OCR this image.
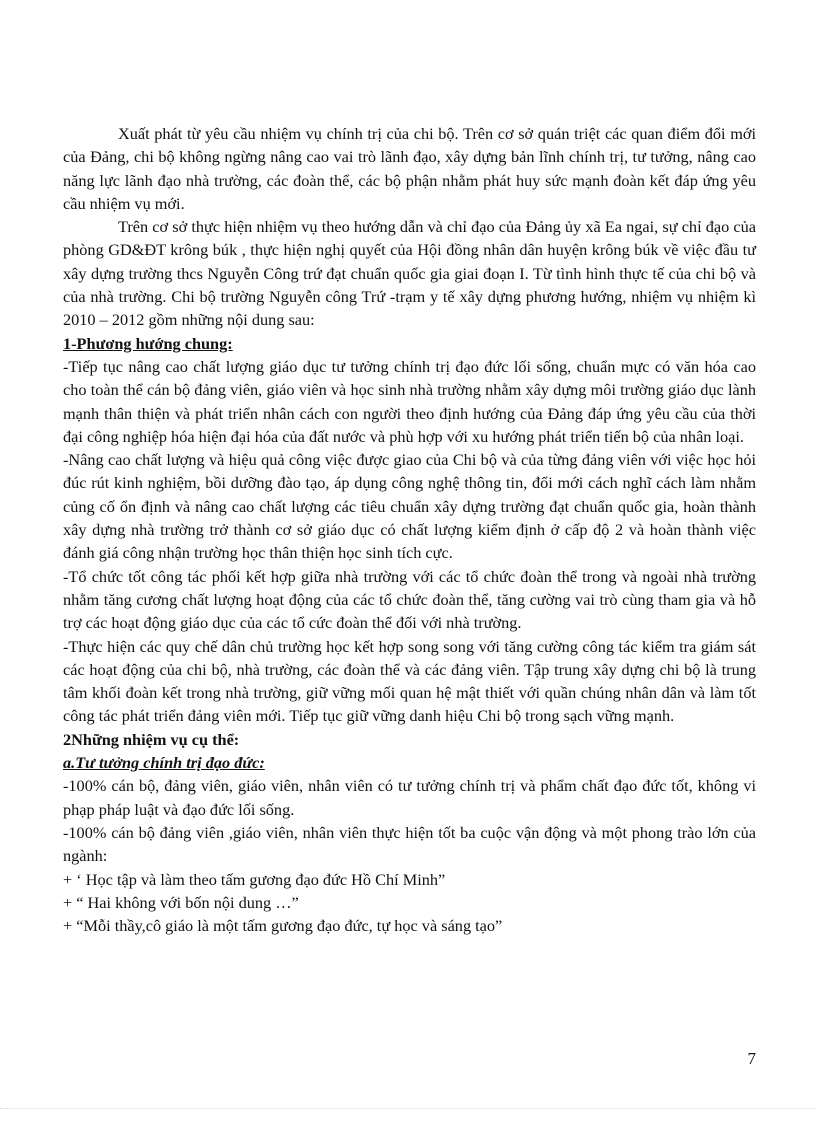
Xuất phát từ yêu cầu nhiệm vụ chính trị của chi bộ. Trên cơ sở quán triệt các quan điểm đổi mới của Đảng, chi bộ không ngừng nâng cao vai trò lãnh đạo, xây dựng bản lĩnh chính trị, tư tưởng, nâng cao năng lực lãnh đạo nhà trường, các đoàn thể, các bộ phận nhằm phát huy sức mạnh đoàn kết đáp ứng yêu cầu nhiệm vụ mới.

Trên cơ sở thực hiện nhiệm vụ theo hướng dẫn và chỉ đạo của Đảng ủy xã Ea ngai, sự chỉ đạo của phòng GD&ĐT krông búk , thực hiện nghị quyết của Hội đồng nhân dân huyện krông búk về việc đầu tư xây dựng trường thcs Nguyễn Công trứ đạt chuẩn quốc gia giai đoạn I. Từ tình hình thực tế của chi bộ và của nhà trường. Chi bộ trường Nguyễn công Trứ -trạm y tế xây dựng phương hướng, nhiệm vụ nhiệm kì 2010 – 2012 gồm những nội dung sau:

1-Phương hướng chung:

-Tiếp tục nâng cao chất lượng giáo dục tư tưởng chính trị đạo đức lối sống, chuẩn mực có văn hóa cao cho toàn thể cán bộ đảng viên, giáo viên và học sinh nhà trường nhằm xây dựng môi trường giáo dục lành mạnh thân thiện và phát triển nhân cách con người theo định hướng của Đảng đáp ứng yêu cầu của thời đại công nghiệp hóa hiện đại hóa của đất nước và phù hợp với xu hướng phát triển tiến bộ của nhân loại.

-Nâng cao chất lượng và hiệu quả công việc được giao của Chi bộ và của từng đảng viên với việc học hỏi đúc rút kinh nghiệm, bồi dưỡng đào tạo, áp dụng công nghệ thông tin, đổi mới cách nghĩ cách làm nhằm củng cố ổn định và nâng cao chất lượng các tiêu chuẩn xây dựng trường đạt chuẩn quốc gia, hoàn thành xây dựng nhà trường trở thành cơ sở giáo dục có chất lượng kiểm định ở cấp độ 2 và hoàn thành việc đánh giá công nhận trường học thân thiện học sinh tích cực.

-Tổ chức tốt công tác phối kết hợp giữa nhà trường với các tổ chức đoàn thể trong và ngoài nhà trường nhằm tăng cương chất lượng hoạt động của các tổ chức đoàn thể, tăng cường vai trò cùng tham gia và hỗ trợ các hoạt động giáo dục của các tổ cức đoàn thể đối với nhà trường.

-Thực hiện các quy chế dân chủ trường học kết hợp song song với tăng cường công tác kiểm tra giám sát các hoạt động của chi bộ, nhà trường, các đoàn thể và các đảng viên. Tập trung xây dựng chi bộ là trung tâm khối đoàn kết trong nhà trường, giữ vững mối quan hệ mật thiết với quần chúng nhân dân và làm tốt công tác phát triển đảng viên mới. Tiếp tục giữ vững danh hiệu Chi bộ trong sạch vững mạnh.

2Những nhiệm vụ cụ thể:

a.Tư tưởng chính trị đạo đức:

-100% cán bộ, đảng viên, giáo viên, nhân viên có tư tưởng chính trị và phẩm chất đạo đức tốt, không vi phạp pháp luật và đạo đức lối sống.

-100% cán bộ đảng viên ,giáo viên, nhân viên thực hiện tốt ba cuộc vận động và một phong trào lớn của ngành:

+ ‘ Học tập và làm theo tấm gương đạo đức Hồ Chí Minh”

+ “ Hai không với bốn nội dung …”

+ “Mỗi thầy,cô giáo là một tấm gương đạo đức, tự học và sáng tạo”

7
